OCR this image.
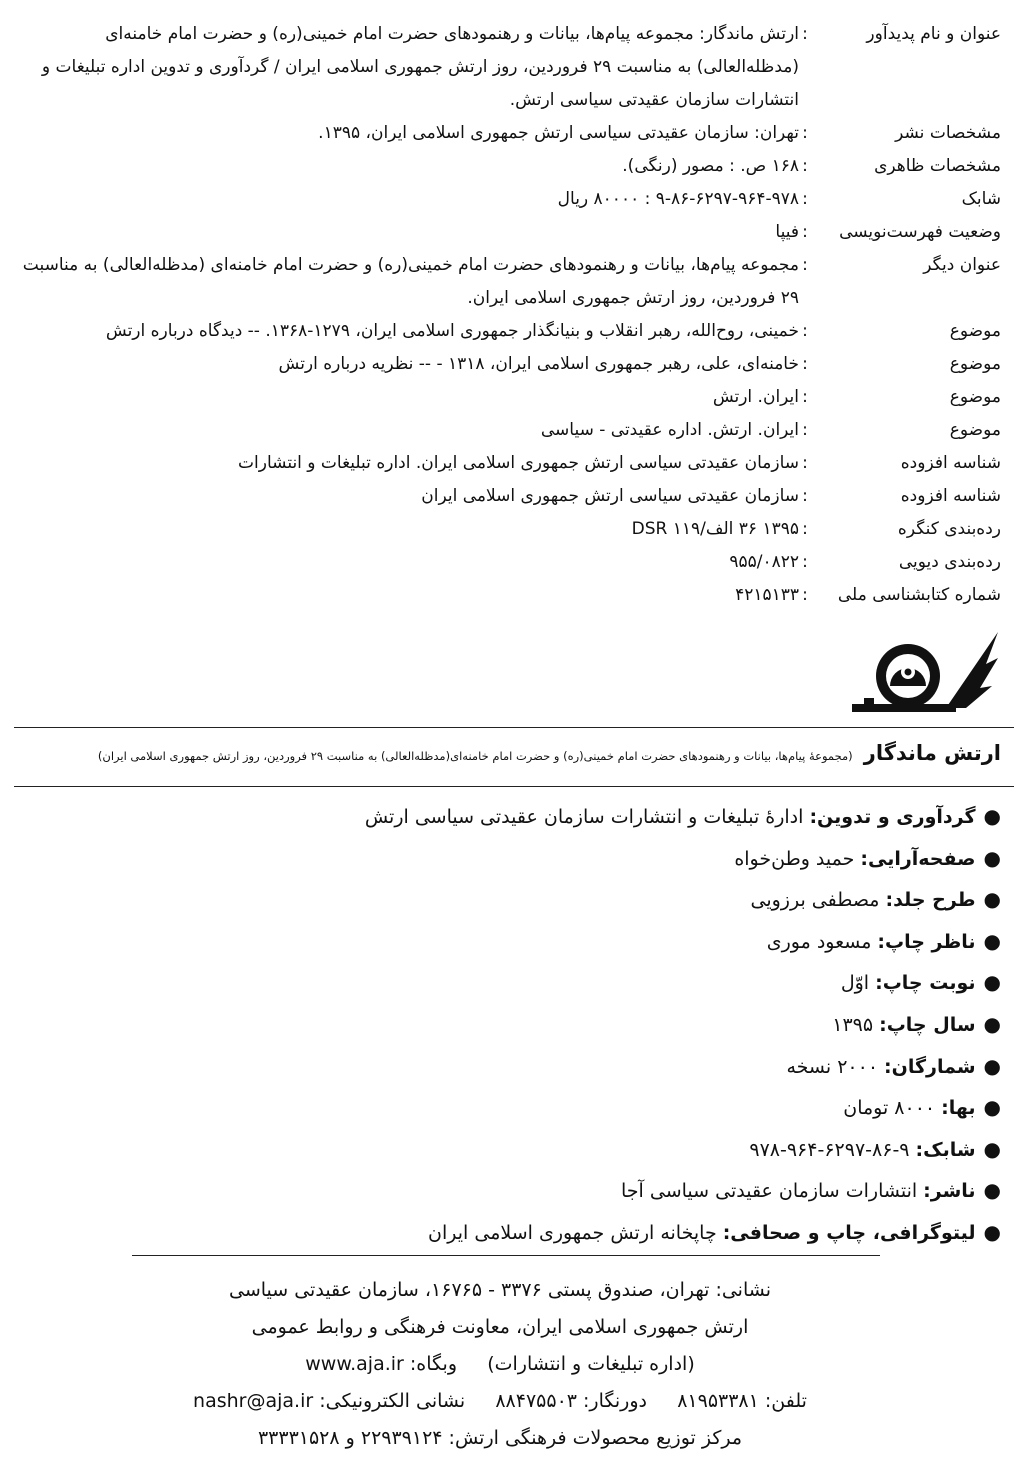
عنوان و نام پدیدآور
:
ارتش ماندگار: مجموعه پیام‌ها، بیانات و رهنمودهای حضرت امام خمینی(ره) و حضرت امام خامنه‌ای (مدظله‌العالی) به مناسبت ۲۹ فروردین، روز ارتش جمهوری اسلامی ایران / گردآوری و تدوین اداره تبلیغات و انتشارات سازمان عقیدتی سیاسی ارتش.
مشخصات نشر
:
تهران: سازمان عقیدتی سیاسی ارتش جمهوری اسلامی ایران، ۱۳۹۵.
مشخصات ظاهری
:
۱۶۸ ص. : مصور (رنگی).
شابک
:
۹-۸۶-۶۲۹۷-۹۶۴-۹۷۸ : ۸۰۰۰۰ ریال
وضعیت فهرست‌نویسی
:
فیپا
عنوان دیگر
:
مجموعه پیام‌ها، بیانات و رهنمودهای حضرت امام خمینی(ره) و حضرت امام خامنه‌ای (مدظله‌العالی) به مناسبت ۲۹ فروردین، روز ارتش جمهوری اسلامی ایران.
موضوع
:
خمینی، روح‌الله، رهبر انقلاب و بنیانگذار جمهوری اسلامی ایران، ۱۲۷۹-۱۳۶۸. -- دیدگاه درباره ارتش
موضوع
:
خامنه‌ای، علی، رهبر جمهوری اسلامی ایران، ۱۳۱۸ - -- نظریه درباره ارتش
موضوع
:
ایران. ارتش
موضوع
:
ایران. ارتش. اداره عقیدتی - سیاسی
شناسه افزوده
:
سازمان عقیدتی سیاسی ارتش جمهوری اسلامی ایران. اداره تبلیغات و انتشارات
شناسه افزوده
:
سازمان عقیدتی سیاسی ارتش جمهوری اسلامی ایران
رده‌بندی کنگره
:
۱۳۹۵ ۳۶ الف/۱۱۹ DSR
رده‌بندی دیویی
:
۹۵۵/۰۸۲۲
شماره کتابشناسی ملی
:
۴۲۱۵۱۳۳
ارتش ماندگار (مجموعهٔ پیام‌ها، بیانات و رهنمودهای حضرت امام خمینی(ره) و حضرت امام خامنه‌ای(مدظله‌العالی) به مناسبت ۲۹ فروردین، روز ارتش جمهوری اسلامی ایران)
●گردآوری و تدوین:ادارهٔ تبلیغات و انتشارات سازمان عقیدتی سیاسی ارتش
●صفحه‌آرایی:حمید وطن‌خواه
●طرح جلد:مصطفی برزویی
●ناظر چاپ:مسعود موری
●نوبت چاپ:اوّل
●سال چاپ:۱۳۹۵
●شمارگان:۲۰۰۰ نسخه
●بها:۸۰۰۰ تومان
●شابک:۹-۸۶-۶۲۹۷-۹۶۴-۹۷۸
●ناشر:انتشارات سازمان عقیدتی سیاسی آجا
●لیتوگرافی، چاپ و صحافی:چاپخانه ارتش جمهوری اسلامی ایران
نشانی: تهران، صندوق پستی ۳۳۷۶ - ۱۶۷۶۵، سازمان عقیدتی سیاسی
ارتش جمهوری اسلامی ایران، معاونت فرهنگی و روابط عمومی
(اداره تبلیغات و انتشارات)     وبگاه: www.aja.ir
تلفن: ۸۱۹۵۳۳۸۱     دورنگار: ۸۸۴۷۵۵۰۳     نشانی الکترونیکی: nashr@aja.ir
مرکز توزیع محصولات فرهنگی ارتش: ۲۲۹۳۹۱۲۴ و ۳۳۳۳۱۵۲۸
